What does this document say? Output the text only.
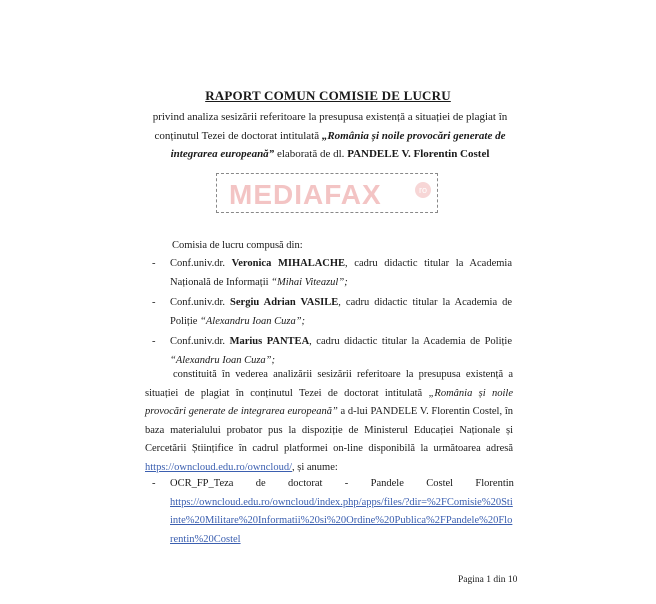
RAPORT COMUN COMISIE DE LUCRU
privind analiza sesizării referitoare la presupusa existență a situației de plagiat în
conținutul Tezei de doctorat intitulată „România și noile provocări generate de integrarea europeană” elaborată de dl. PANDELE V. Florentin Costel
MEDIAFAX	ro
Comisia de lucru compusă din:
- Conf.univ.dr. Veronica MIHALACHE, cadru didactic titular la Academia Națională de Informații “Mihai Viteazul”;
- Conf.univ.dr. Sergiu Adrian VASILE, cadru didactic titular la Academia de Poliție “Alexandru Ioan Cuza”;
- Conf.univ.dr. Marius PANTEA, cadru didactic titular la Academia de Poliție “Alexandru Ioan Cuza”;
constituită în vederea analizării sesizării referitoare la presupusa existență a situației de plagiat în conținutul Tezei de doctorat intitulată „România și noile provocări generate de integrarea europeană” a d-lui PANDELE V. Florentin Costel, în baza materialului probator pus la dispoziție de Ministerul Educației Naționale și Cercetării Științifice în cadrul platformei on-line disponibilă la următoarea adresă https://owncloud.edu.ro/owncloud/, și anume:
- OCR_FP_Teza de doctorat - Pandele Costel Florentin
https://owncloud.edu.ro/owncloud/index.php/apps/files/?dir=%2FComisie%20Stiinte%20Militare%20Informatii%20si%20Ordine%20Publica%2FPandele%20Florentin%20Costel
Pagina 1 din 10
